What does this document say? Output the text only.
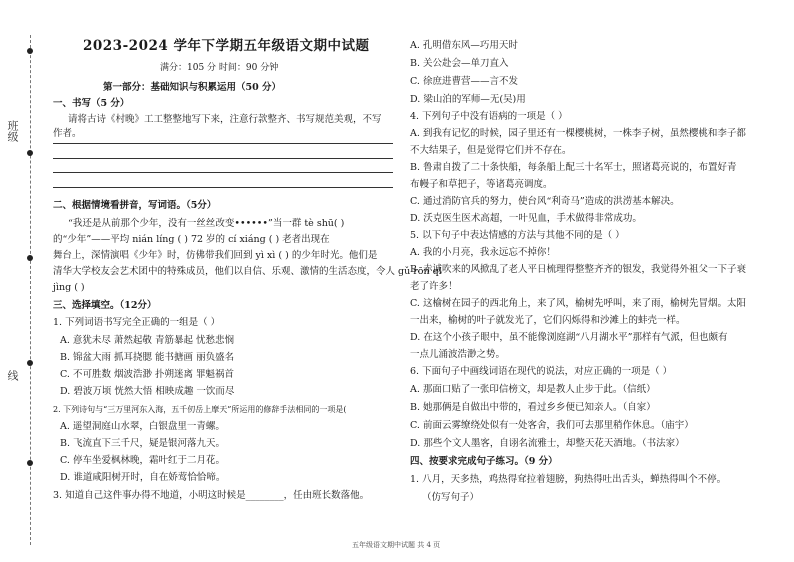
班级
线
2023-2024 学年下学期五年级语文期中试题
满分：105 分 时间：90 分钟
第一部分：基础知识与积累运用（50 分）
一、书写（5 分）
请将古诗《村晚》工工整整地写下来，注意行款整齐、书写规范美观，不写
作者。
二、根据情境看拼音，写词语。（5分）
“我还是从前那个少年，没有一丝丝改变••••••”当一群 tè shū( )
的“少年”——平均 nián líng ( ) 72 岁的 cí xiáng ( ) 老者出现在
舞台上，深情演唱《少年》时，仿佛带我们回到 yì xì ( ) 的少年时光。他们是
清华大学校友会艺术团中的特殊成员，他们以自信、乐观、激情的生活态度，令人 gǔ rōn ql
jìng ( )
三、选择填空。（12分）
1. 下列词语书写完全正确的一组是（ ）
A. 意犹未尽 萧然起敬 青筋暴起 忧愁悲悯
B. 锦盆大雨 抓耳挠腮 能书搪画 丽负盛名
C. 不可胜数 烟波浩渺 扑朔迷离 罪魁祸首
D. 碧波万顷 恍然大悟 相映成趣 一饮而尽
2. 下列诗句与“三万里河东入海，五千仞岳上摩天”所运用的修辞手法相同的一项是(
A. 遥望洞庭山水翠，白银盘里一青螺。
B. 飞流直下三千尺，疑是银河落九天。
C. 停车坐爱枫林晚，霜叶红于二月花。
D. 谁道咸阳树开时，自在娇莺恰恰啼。
3. 知道自己这件事办得不地道，小明这时候是________，任由班长数落他。
A. 孔明借东风—巧用天时
B. 关公赴会—单刀直入
C. 徐庶进曹营——言不发
D. 梁山泊的军师—无(吴)用
4. 下列句子中没有语病的一项是（ ）
A. 到我有记忆的时候，园子里还有一棵樱桃树，一株李子树，虽然樱桃和李子都
不大结果子，但是觉得它们并不存在。
B. 鲁肃自拨了二十条快船，每条船上配三十名军士，照诸葛亮说的，布置好青
布幔子和草把子，等诸葛亮调度。
C. 通过消防官兵的努力，使台风“利奇马”造成的洪涝基本解决。
D. 沃克医生医术高超，一叶见血，手术做得非常成功。
5. 以下句子中表达情感的方法与其他不同的是（ ）
A. 我的小月亮，我永远忘不掉你！
B. 赤诚吹来的风掀乱了老人平日梳理得整整齐齐的银发，我觉得外祖父一下子衰
老了许多！
C. 这榆树在园子的西北角上，来了风，榆树先呼叫，来了雨，榆树先冒烟。太阳
一出来，榆树的叶子就发光了，它们闪烁得和沙滩上的蚌壳一样。
D. 在这个小孩子眼中，虽不能像浏庭湖“八月湖水平”那样有气派，但也颇有
一点儿涌波浩渺之势。
6. 下面句子中画线词语在现代的说法，对应正确的一项是（ ）
A. 那面口贴了一张印信榜文，却是教人止步于此。（信纸）
B. 她那俩是自做出中带的，看过乡乡便已知亲人。（自家）
C. 前面云雾缭绕处似有一处客舍，我们可去那里稍作休息。（庙宇）
D. 那些个文人墨客，自诩名流雅士，却整天花天酒地。（书法家）
四、按要求完成句子练习。（9 分）
1. 八月，天多热，鸡热得耷拉着翅膀，狗热得吐出舌头，蝉热得叫个不停。
（仿写句子）
五年级语文期中试题 共 4 页
